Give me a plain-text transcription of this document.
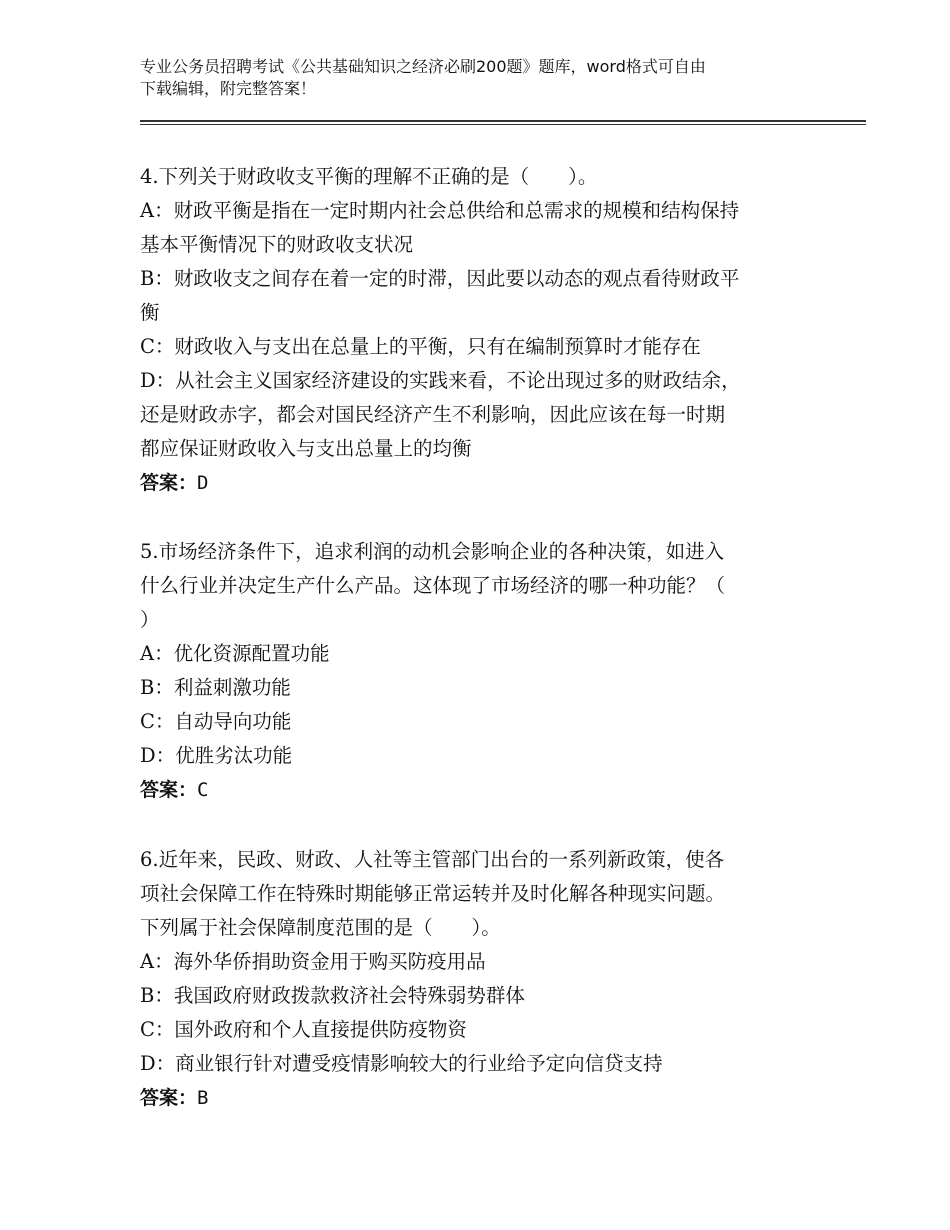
专业公务员招聘考试《公共基础知识之经济必刷200题》题库，word格式可自由
下载编辑，附完整答案！
4.下列关于财政收支平衡的理解不正确的是（　　）。
A：财政平衡是指在一定时期内社会总供给和总需求的规模和结构保持
基本平衡情况下的财政收支状况
B：财政收支之间存在着一定的时滞，因此要以动态的观点看待财政平
衡
C：财政收入与支出在总量上的平衡，只有在编制预算时才能存在
D：从社会主义国家经济建设的实践来看，不论出现过多的财政结余，
还是财政赤字，都会对国民经济产生不利影响，因此应该在每一时期
都应保证财政收入与支出总量上的均衡
答案：D
5.市场经济条件下，追求利润的动机会影响企业的各种决策，如进入
什么行业并决定生产什么产品。这体现了市场经济的哪一种功能？（
）
A：优化资源配置功能
B：利益刺激功能
C：自动导向功能
D：优胜劣汰功能
答案：C
6.近年来，民政、财政、人社等主管部门出台的一系列新政策，使各
项社会保障工作在特殊时期能够正常运转并及时化解各种现实问题。
下列属于社会保障制度范围的是（　　）。
A：海外华侨捐助资金用于购买防疫用品
B：我国政府财政拨款救济社会特殊弱势群体
C：国外政府和个人直接提供防疫物资
D：商业银行针对遭受疫情影响较大的行业给予定向信贷支持
答案：B
